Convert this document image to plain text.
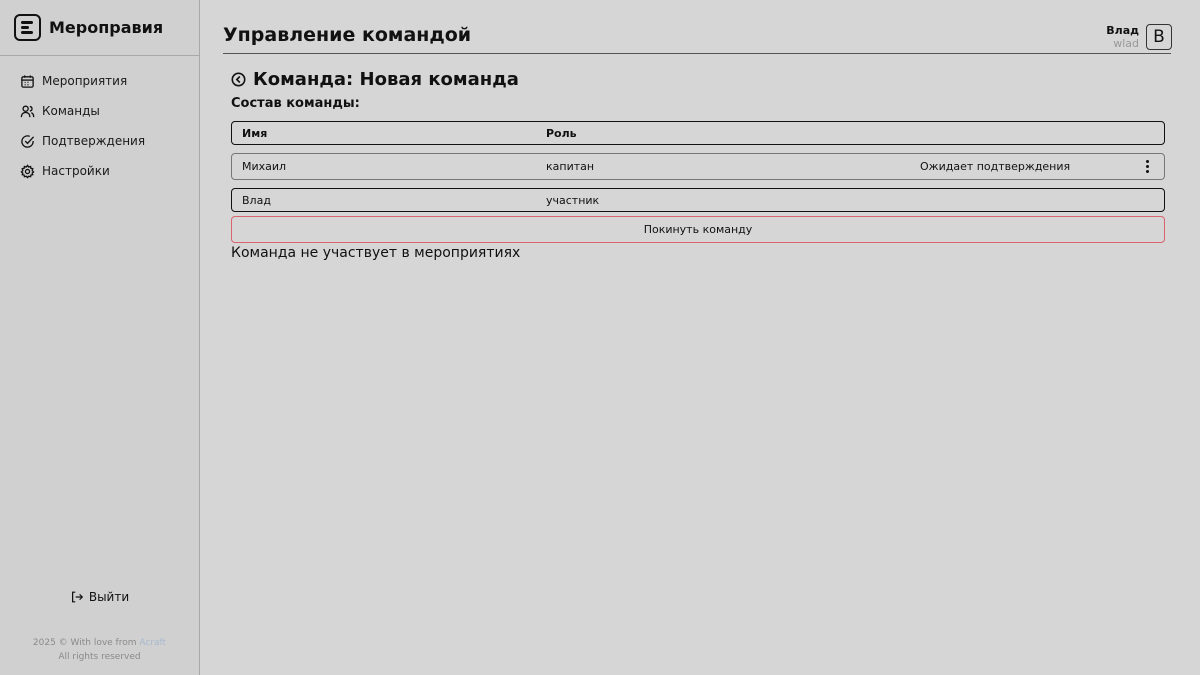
Мероправия
Мероприятия
Команды
Подтверждения
Настройки
Выйти
2025 © With love from Acraft
All rights reserved
Управление командой	Влад
wlad В
Команда: Новая команда
Состав команды:
Имя	Роль
Михаил	капитан	Ожидает подтверждения
Влад	участник
Покинуть команду
Команда не участвует в мероприятиях
